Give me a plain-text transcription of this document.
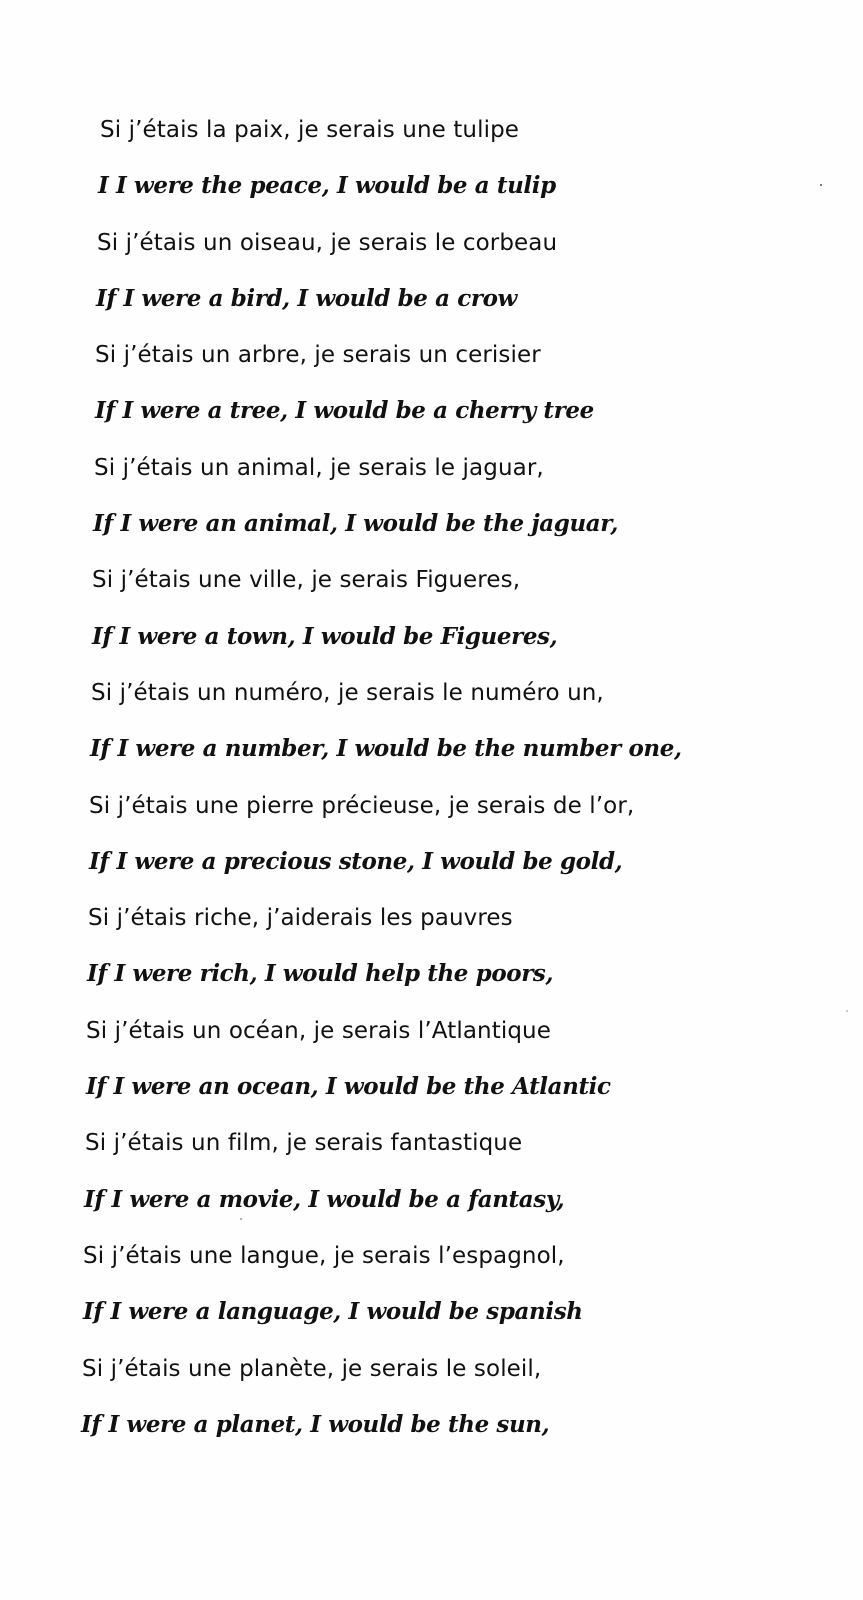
Si j’étais la paix, je serais une tulipe
I I were the peace, I would be a tulip
Si j’étais un oiseau, je serais le corbeau
If I were a bird, I would be a crow
Si j’étais un arbre, je serais un cerisier
If I were a tree, I would be a cherry tree
Si j’étais un animal, je serais le jaguar,
If I were an animal, I would be the jaguar,
Si j’étais une ville, je serais Figueres,
If I were a town, I would be Figueres,
Si j’étais un numéro, je serais le numéro un,
If I were a number, I would be the number one,
Si j’étais une pierre précieuse, je serais de l’or,
If I were a precious stone, I would be gold,
Si j’étais riche, j’aiderais les pauvres
If I were rich, I would help the poors,
Si j’étais un océan, je serais l’Atlantique
If I were an ocean, I would be the Atlantic
Si j’étais un film, je serais fantastique
If I were a movie, I would be a fantasy,
Si j’étais une langue, je serais l’espagnol,
If I were a language, I would be spanish
Si j’étais une planète, je serais le soleil,
If I were a planet, I would be the sun,
